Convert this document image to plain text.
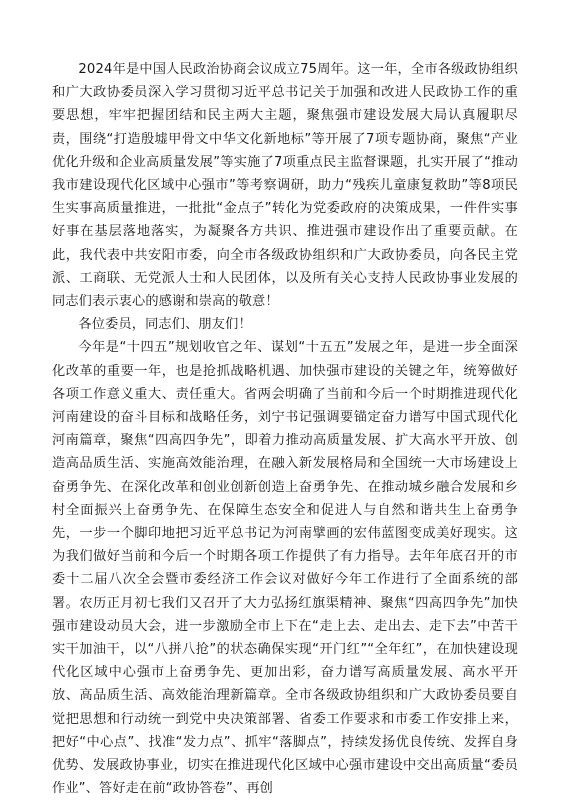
2024年是中国人民政治协商会议成立75周年。这一年，全市各级政协组织和广大政协委员深入学习贯彻习近平总书记关于加强和改进人民政协工作的重要思想，牢牢把握团结和民主两大主题，聚焦强市建设发展大局认真履职尽责，围绕“打造殷墟甲骨文中华文化新地标”等开展了7项专题协商，聚焦“产业优化升级和企业高质量发展”等实施了7项重点民主监督课题，扎实开展了“推动我市建设现代化区域中心强市”等考察调研，助力“残疾儿童康复救助”等8项民生实事高质量推进，一批批“金点子”转化为党委政府的决策成果，一件件实事好事在基层落地落实，为凝聚各方共识、推进强市建设作出了重要贡献。在此，我代表中共安阳市委，向全市各级政协组织和广大政协委员，向各民主党派、工商联、无党派人士和人民团体，以及所有关心支持人民政协事业发展的同志们表示衷心的感谢和崇高的敬意！

各位委员，同志们、朋友们！

今年是“十四五”规划收官之年、谋划“十五五”发展之年，是进一步全面深化改革的重要一年，也是抢抓战略机遇、加快强市建设的关键之年，统筹做好各项工作意义重大、责任重大。省两会明确了当前和今后一个时期推进现代化河南建设的奋斗目标和战略任务，刘宁书记强调要锚定奋力谱写中国式现代化河南篇章，聚焦“四高四争先”，即着力推动高质量发展、扩大高水平开放、创造高品质生活、实施高效能治理，在融入新发展格局和全国统一大市场建设上奋勇争先、在深化改革和创业创新创造上奋勇争先、在推动城乡融合发展和乡村全面振兴上奋勇争先、在保障生态安全和促进人与自然和谐共生上奋勇争先，一步一个脚印地把习近平总书记为河南擘画的宏伟蓝图变成美好现实。这为我们做好当前和今后一个时期各项工作提供了有力指导。去年年底召开的市委十二届八次全会暨市委经济工作会议对做好今年工作进行了全面系统的部署。农历正月初七我们又召开了大力弘扬红旗渠精神、聚焦“四高四争先”加快强市建设动员大会，进一步激励全市上下在“走上去、走出去、走下去”中苦干实干加油干，以“八拼八抢”的状态确保实现“开门红”“全年红”，在加快建设现代化区域中心强市上奋勇争先、更加出彩，奋力谱写高质量发展、高水平开放、高品质生活、高效能治理新篇章。全市各级政协组织和广大政协委员要自觉把思想和行动统一到党中央决策部署、省委工作要求和市委工作安排上来，把好“中心点”、找准“发力点”、抓牢“落脚点”，持续发扬优良传统、发挥自身优势、发展政协事业，切实在推进现代化区域中心强市建设中交出高质量“委员作业”、答好走在前“政协答卷”、再创
